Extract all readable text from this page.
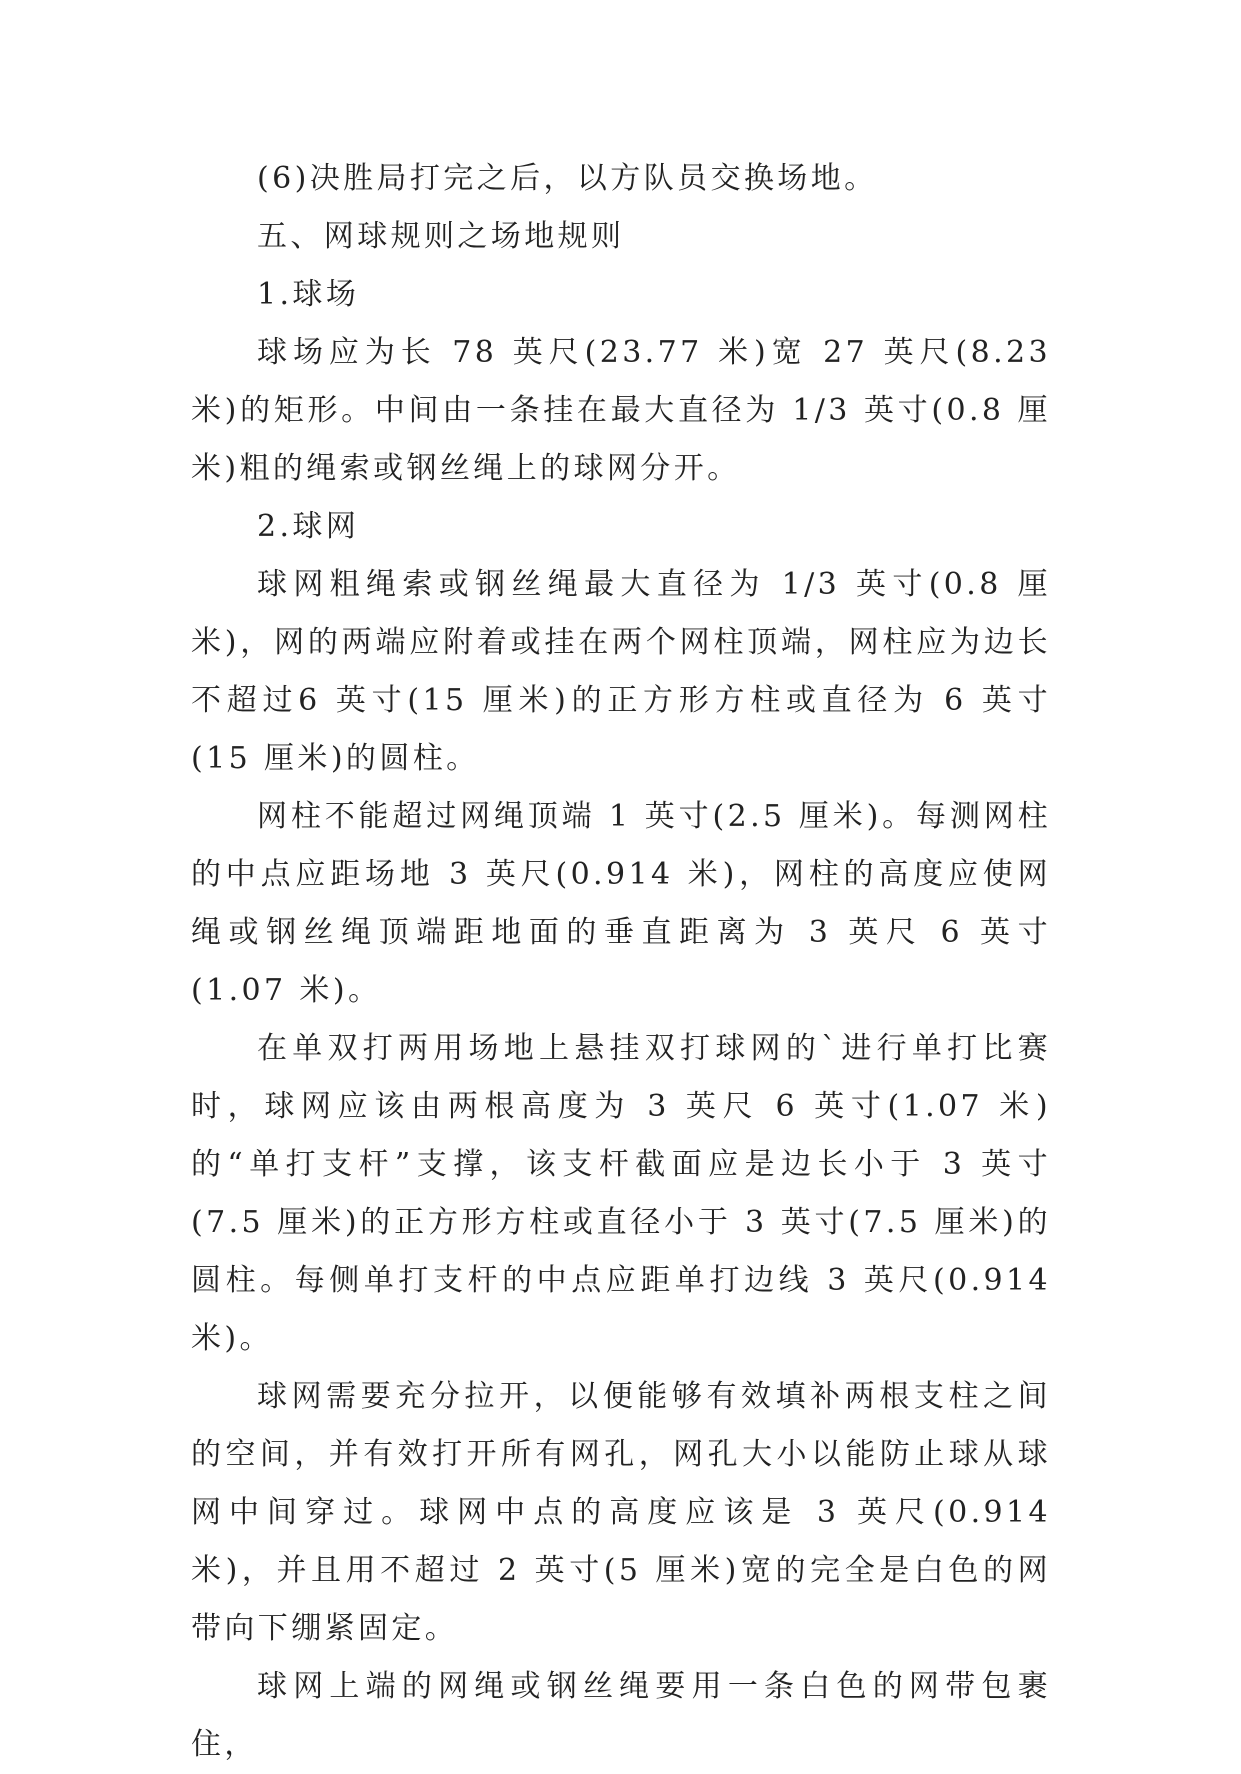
(6)决胜局打完之后，以方队员交换场地。

五、网球规则之场地规则

1.球场

球场应为长 78 英尺(23.77 米)宽 27 英尺(8.23 米)的矩形。中间由一条挂在最大直径为 1/3 英寸(0.8 厘米)粗的绳索或钢丝绳上的球网分开。

2.球网

球网粗绳索或钢丝绳最大直径为 1/3 英寸(0.8 厘米)，网的两端应附着或挂在两个网柱顶端，网柱应为边长不超过6 英寸(15 厘米)的正方形方柱或直径为 6 英寸(15 厘米)的圆柱。

网柱不能超过网绳顶端 1 英寸(2.5 厘米)。每测网柱的中点应距场地 3 英尺(0.914 米)，网柱的高度应使网绳或钢丝绳顶端距地面的垂直距离为 3 英尺 6 英寸(1.07 米)。

在单双打两用场地上悬挂双打球网的`进行单打比赛时，球网应该由两根高度为 3 英尺 6 英寸(1.07 米)的“单打支杆”支撑，该支杆截面应是边长小于 3 英寸(7.5 厘米)的正方形方柱或直径小于 3 英寸(7.5 厘米)的圆柱。每侧单打支杆的中点应距单打边线 3 英尺(0.914 米)。

球网需要充分拉开，以便能够有效填补两根支柱之间的空间，并有效打开所有网孔，网孔大小以能防止球从球网中间穿过。球网中点的高度应该是 3 英尺(0.914 米)，并且用不超过 2 英寸(5 厘米)宽的完全是白色的网带向下绷紧固定。

球网上端的网绳或钢丝绳要用一条白色的网带包裹住，
